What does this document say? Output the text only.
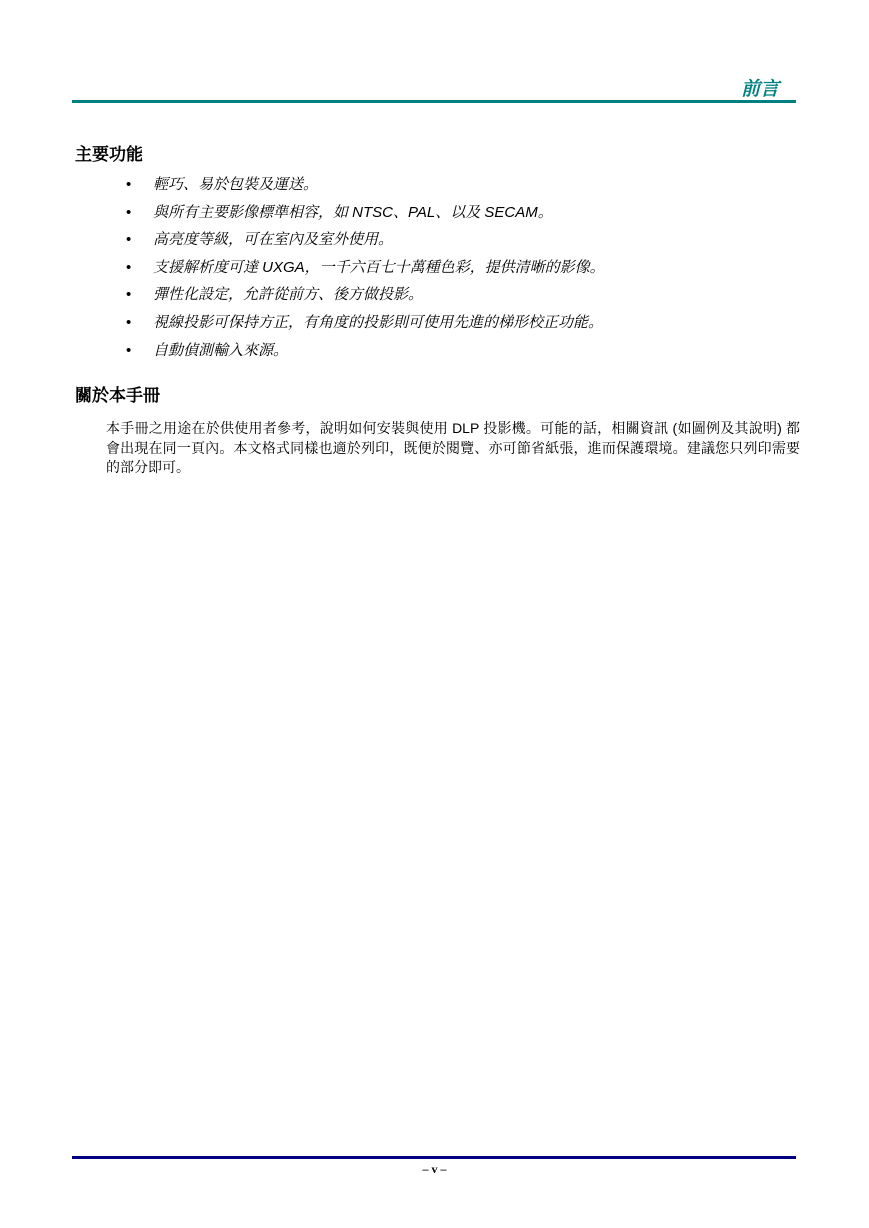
前言
主要功能
• 輕巧、易於包裝及運送。
• 與所有主要影像標準相容，如 NTSC、PAL、以及 SECAM。
• 高亮度等級，可在室內及室外使用。
• 支援解析度可達 UXGA，一千六百七十萬種色彩，提供清晰的影像。
• 彈性化設定，允許從前方、後方做投影。
• 視線投影可保持方正，有角度的投影則可使用先進的梯形校正功能。
• 自動偵測輸入來源。
關於本手冊

本手冊之用途在於供使用者參考，說明如何安裝與使用 DLP 投影機。可能的話，相關資訊 (如圖例及其說明) 都會出現在同一頁內。本文格式同樣也適於列印，既便於閱覽、亦可節省紙張，進而保護環境。建議您只列印需要的部分即可。

– v –
